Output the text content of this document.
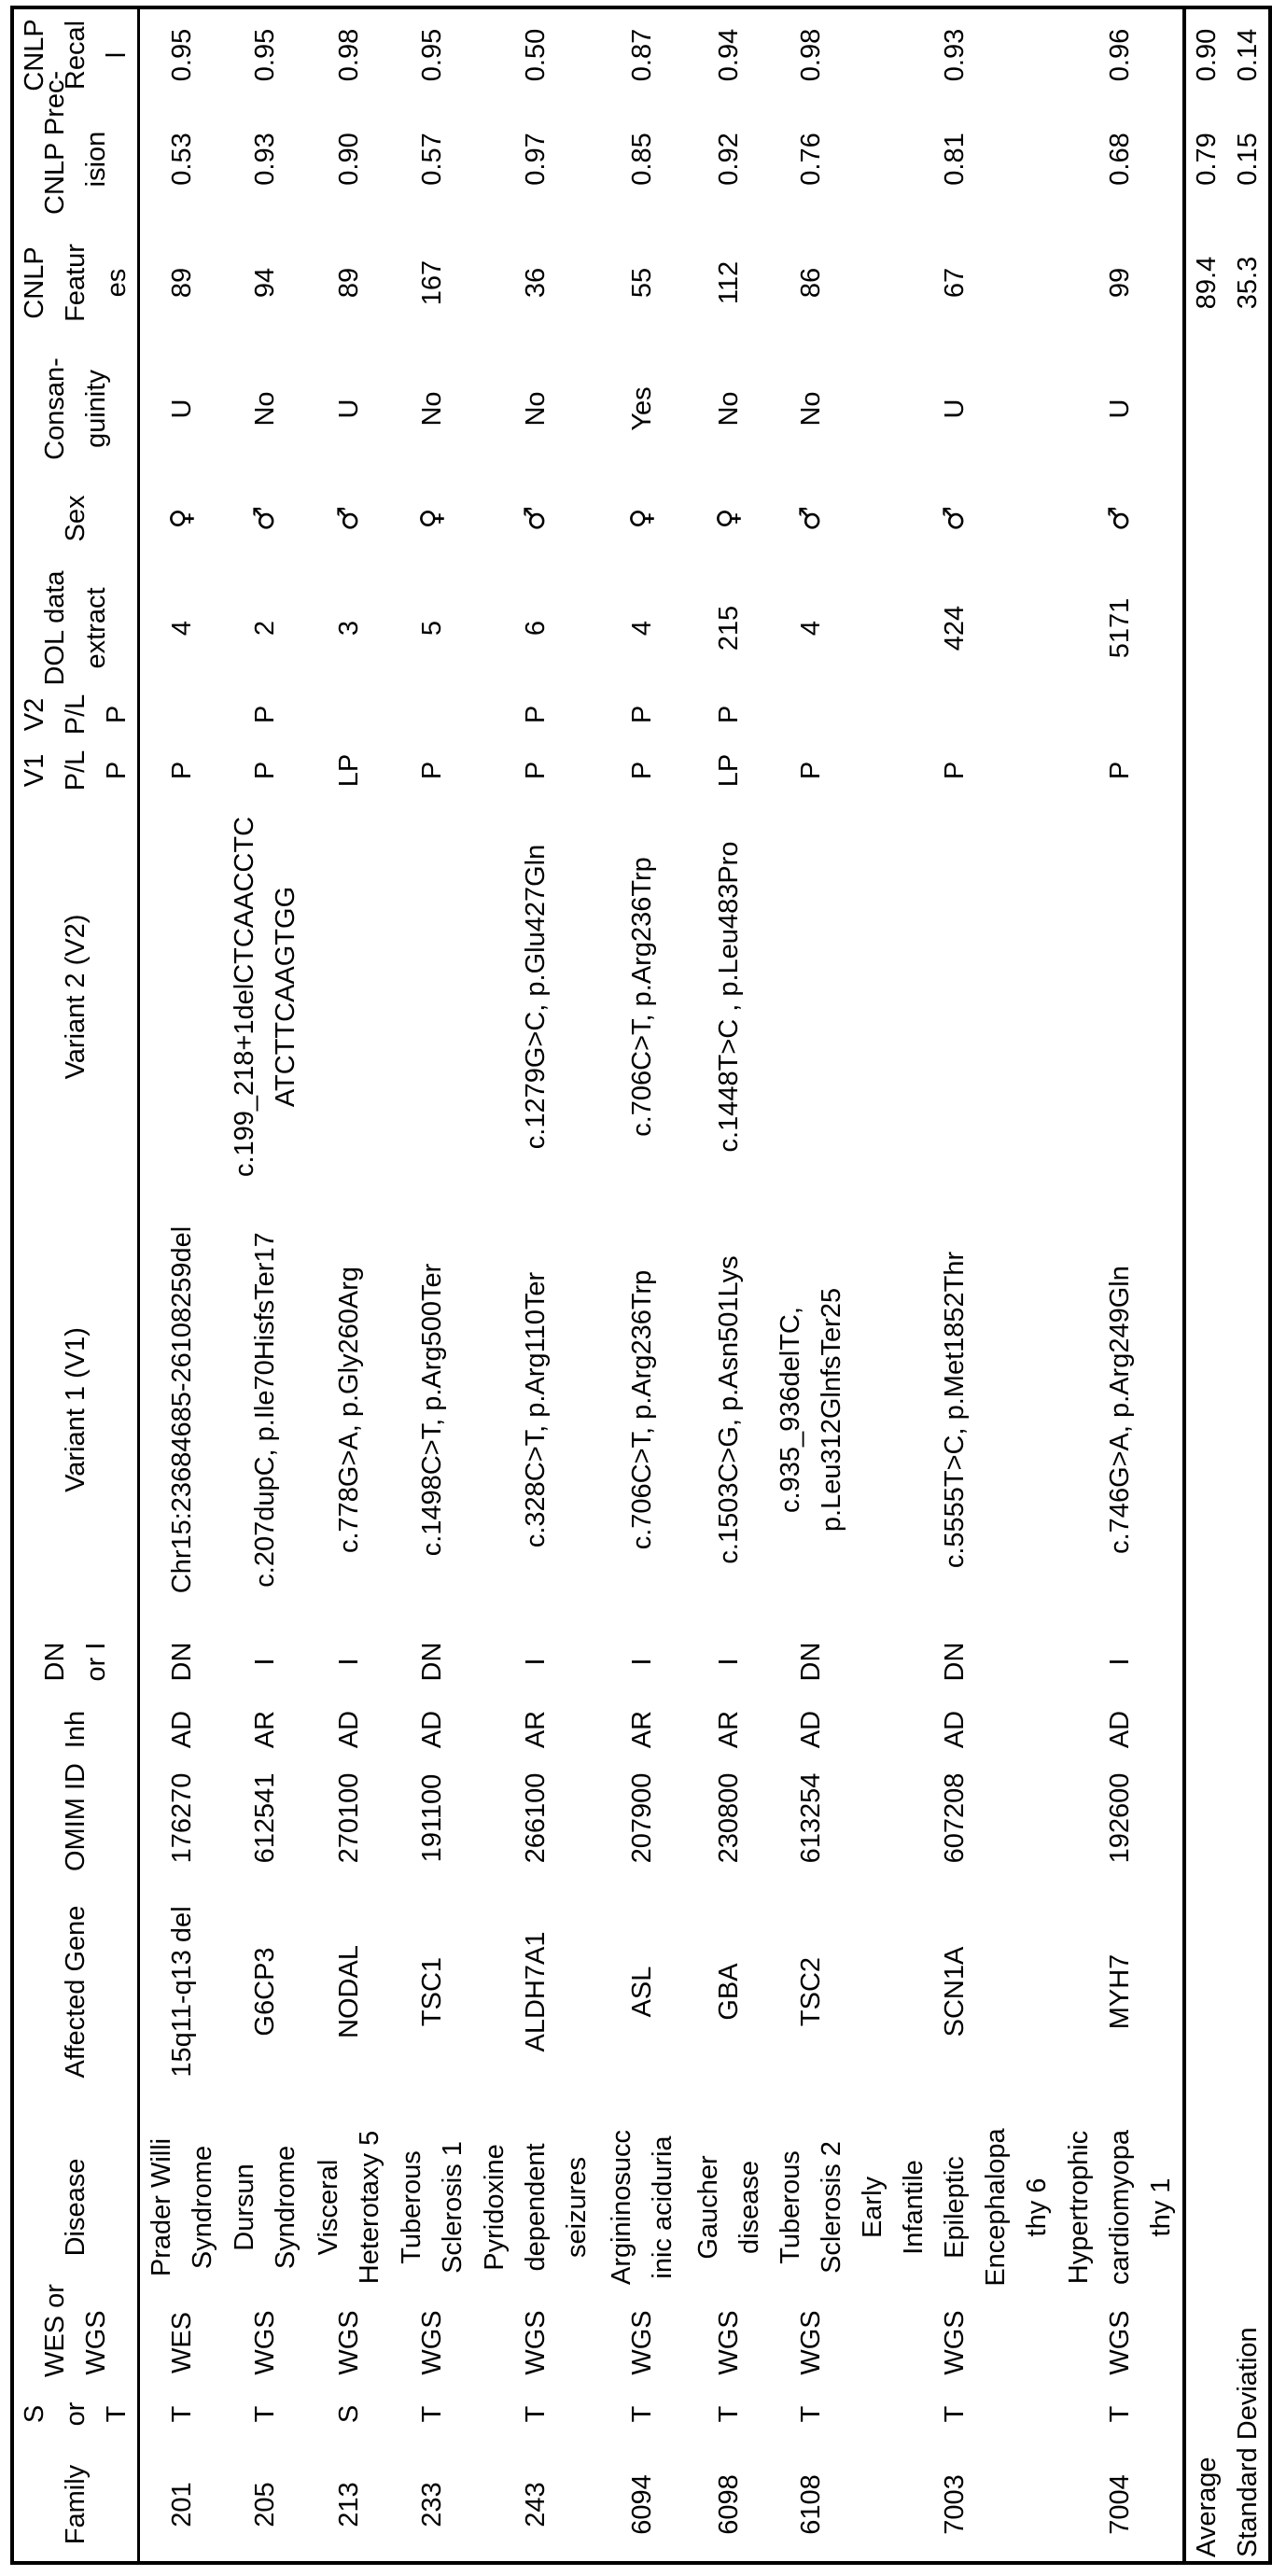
Family	S
or
T	WES or
WGS	Disease	Affected Gene	OMIM ID	Inh	DN
or I	Variant 1 (V1)	Variant 2 (V2)	V1
P/L
P	V2
P/L
P	DOL data
extract	Sex	Consan-
guinity	CNLP
Featur
es	CNLP Prec-
ision	CNLP
Recal
l
201	T	WES	Prader Willi
Syndrome	15q11-q13 del	176270	AD	DN	Chr15:23684685-26108259del		P		4	♀	U	89	0.53	0.95
205	T	WGS	Dursun
Syndrome	G6CP3	612541	AR	I	c.207dupC, p.Ile70HisfsTer17	c.199_218+1delCTCAACCTC
ATCTTCAAGTGG	P	P	2	♂	No	94	0.93	0.95
213	S	WGS	Visceral
Heterotaxy 5	NODAL	270100	AD	I	c.778G>A, p.Gly260Arg		LP		3	♂	U	89	0.90	0.98
233	T	WGS	Tuberous
Sclerosis 1	TSC1	191100	AD	DN	c.1498C>T, p.Arg500Ter		P		5	♀	No	167	0.57	0.95
243	T	WGS	Pyridoxine
dependent
seizures	ALDH7A1	266100	AR	I	c.328C>T, p.Arg110Ter	c.1279G>C, p.Glu427Gln	P	P	6	♂	No	36	0.97	0.50
6094	T	WGS	Argininosucc
inic aciduria	ASL	207900	AR	I	c.706C>T, p.Arg236Trp	c.706C>T, p.Arg236Trp	P	P	4	♀	Yes	55	0.85	0.87
6098	T	WGS	Gaucher
disease	GBA	230800	AR	I	c.1503C>G, p.Asn501Lys	c.1448T>C , p.Leu483Pro	LP	P	215	♀	No	112	0.92	0.94
6108	T	WGS	Tuberous
Sclerosis 2	TSC2	613254	AD	DN	c.935_936delTC,
p.Leu312GlnfsTer25		P		4	♂	No	86	0.76	0.98
7003	T	WGS	Early
Infantile
Epileptic
Encephalopa
thy 6	SCN1A	607208	AD	DN	c.5555T>C, p.Met1852Thr		P		424	♂	U	67	0.81	0.93
7004	T	WGS	Hypertrophic
cardiomyopa
thy 1	MYH7	192600	AD	I	c.746G>A, p.Arg249Gln		P		5171	♂	U	99	0.68	0.96
Average	89.4	0.79	0.90
Standard Deviation	35.3	0.15	0.14
